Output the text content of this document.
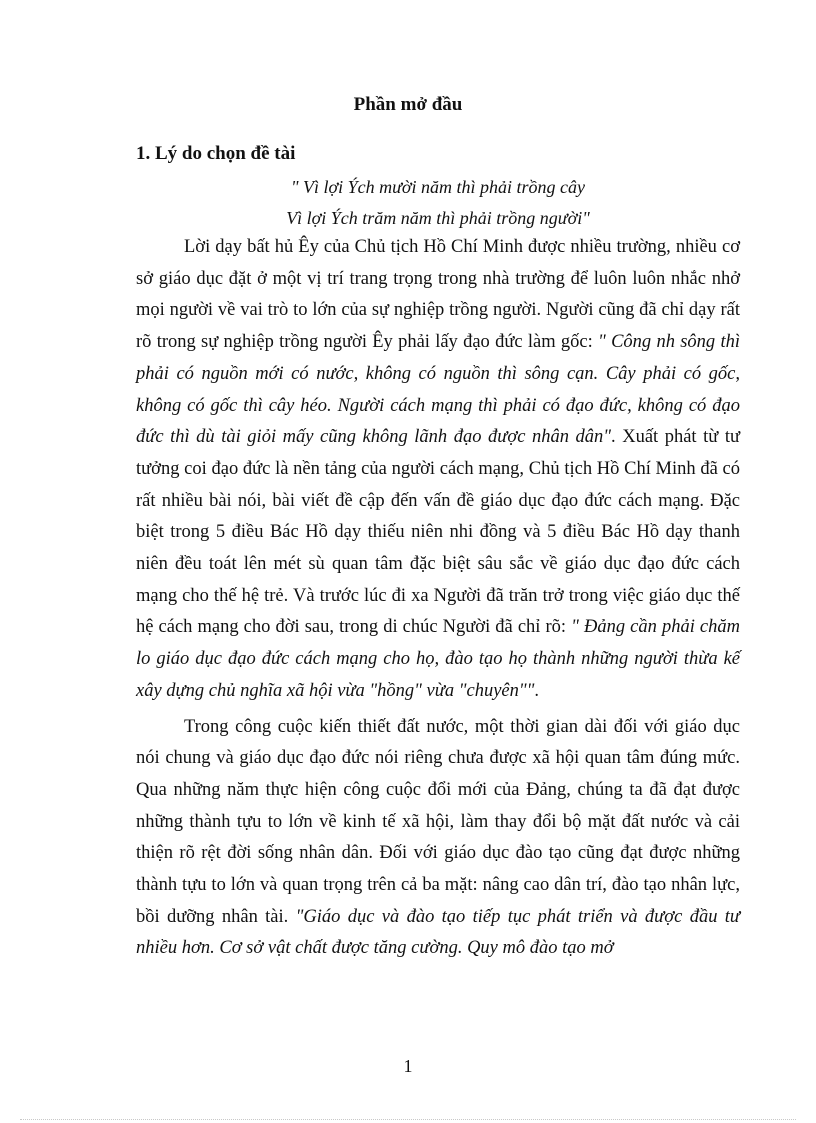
Phần mở đầu
1. Lý do chọn đề tài
" Vì lợi Ých mười năm thì phải trồng cây
Vì lợi Ých trăm năm thì phải trồng người"

Lời dạy bất hủ Êy của Chủ tịch Hồ Chí Minh được nhiều trường, nhiều cơ sở giáo dục đặt ở một vị trí trang trọng trong nhà trường để luôn luôn nhắc nhở mọi người về vai trò to lớn của sự nghiệp trồng người. Người cũng đã chỉ dạy rất rõ trong sự nghiệp trồng người Êy phải lấy đạo đức làm gốc: " Công nh sông thì phải có nguồn mới có nước, không có nguồn thì sông cạn. Cây phải có gốc, không có gốc thì cây héo. Người cách mạng thì phải có đạo đức, không có đạo đức thì dù tài giỏi mấy cũng không lãnh đạo được nhân dân". Xuất phát từ tư tưởng coi đạo đức là nền tảng của người cách mạng, Chủ tịch Hồ Chí Minh đã có rất nhiều bài nói, bài viết đề cập đến vấn đề giáo dục đạo đức cách mạng. Đặc biệt trong 5 điều Bác Hồ dạy thiếu niên nhi đồng và 5 điều Bác Hồ dạy thanh niên đều toát lên mét sù quan tâm đặc biệt sâu sắc về giáo dục đạo đức cách mạng cho thế hệ trẻ. Và trước lúc đi xa Người đã trăn trở trong việc giáo dục thế hệ cách mạng cho đời sau, trong di chúc Người đã chỉ rõ: " Đảng cần phải chăm lo giáo dục đạo đức cách mạng cho họ, đào tạo họ thành những người thừa kế xây dựng chủ nghĩa xã hội vừa "hồng" vừa "chuyên"".

Trong công cuộc kiến thiết đất nước, một thời gian dài đối với giáo dục nói chung và giáo dục đạo đức nói riêng chưa được xã hội quan tâm đúng mức. Qua những năm thực hiện công cuộc đổi mới của Đảng, chúng ta đã đạt được những thành tựu to lớn về kinh tế xã hội, làm thay đổi bộ mặt đất nước và cải thiện rõ rệt đời sống nhân dân. Đối với giáo dục đào tạo cũng đạt được những thành tựu to lớn và quan trọng trên cả ba mặt: nâng cao dân trí, đào tạo nhân lực, bồi dưỡng nhân tài. "Giáo dục và đào tạo tiếp tục phát triển và được đầu tư nhiều hơn. Cơ sở vật chất được tăng cường. Quy mô đào tạo mở

1
